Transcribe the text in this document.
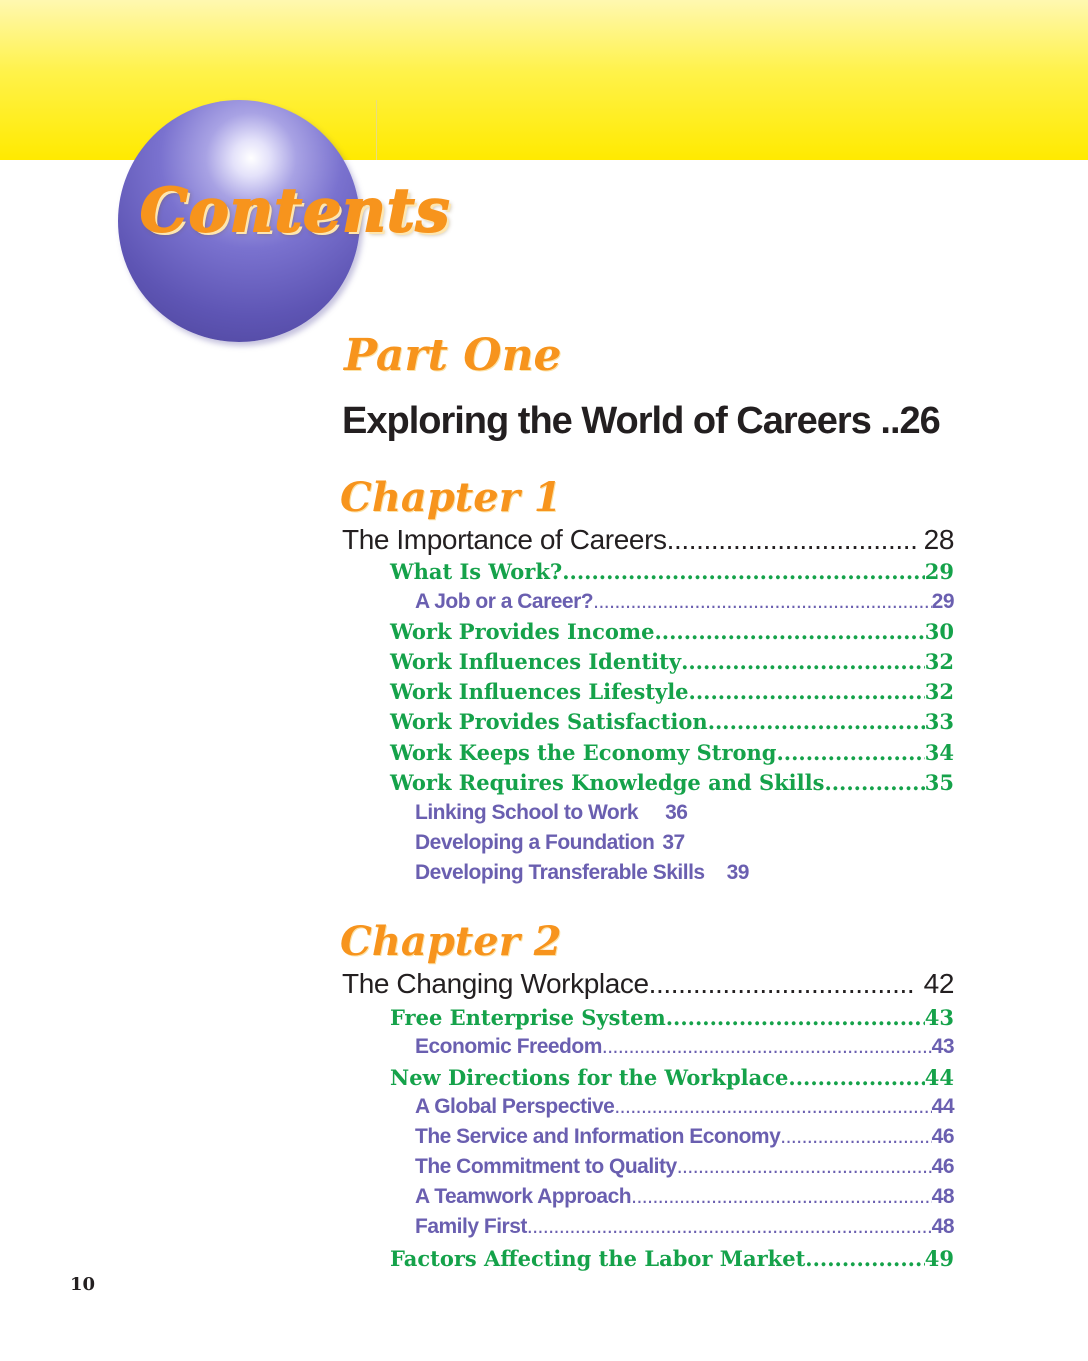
Contents
Part One
Exploring the World of Careers ..26
Chapter 1
The Importance of Careers .....	28
What Is Work? .....	29
A Job or a Career? .....	29
Work Provides Income .....	30
Work Influences Identity .....	32
Work Influences Lifestyle .....	32
Work Provides Satisfaction .....	33
Work Keeps the Economy Strong .....	34
Work Requires Knowledge and Skills .....	35
Linking School to Work 36
Developing a Foundation 37
Developing Transferable Skills 39
Chapter 2
The Changing Workplace .....	42
Free Enterprise System .....	43
Economic Freedom .....	43
New Directions for the Workplace .....	44
A Global Perspective .....	44
The Service and Information Economy .....	46
The Commitment to Quality .....	46
A Teamwork Approach .....	48
Family First .....	48
Factors Affecting the Labor Market .....	49
10
